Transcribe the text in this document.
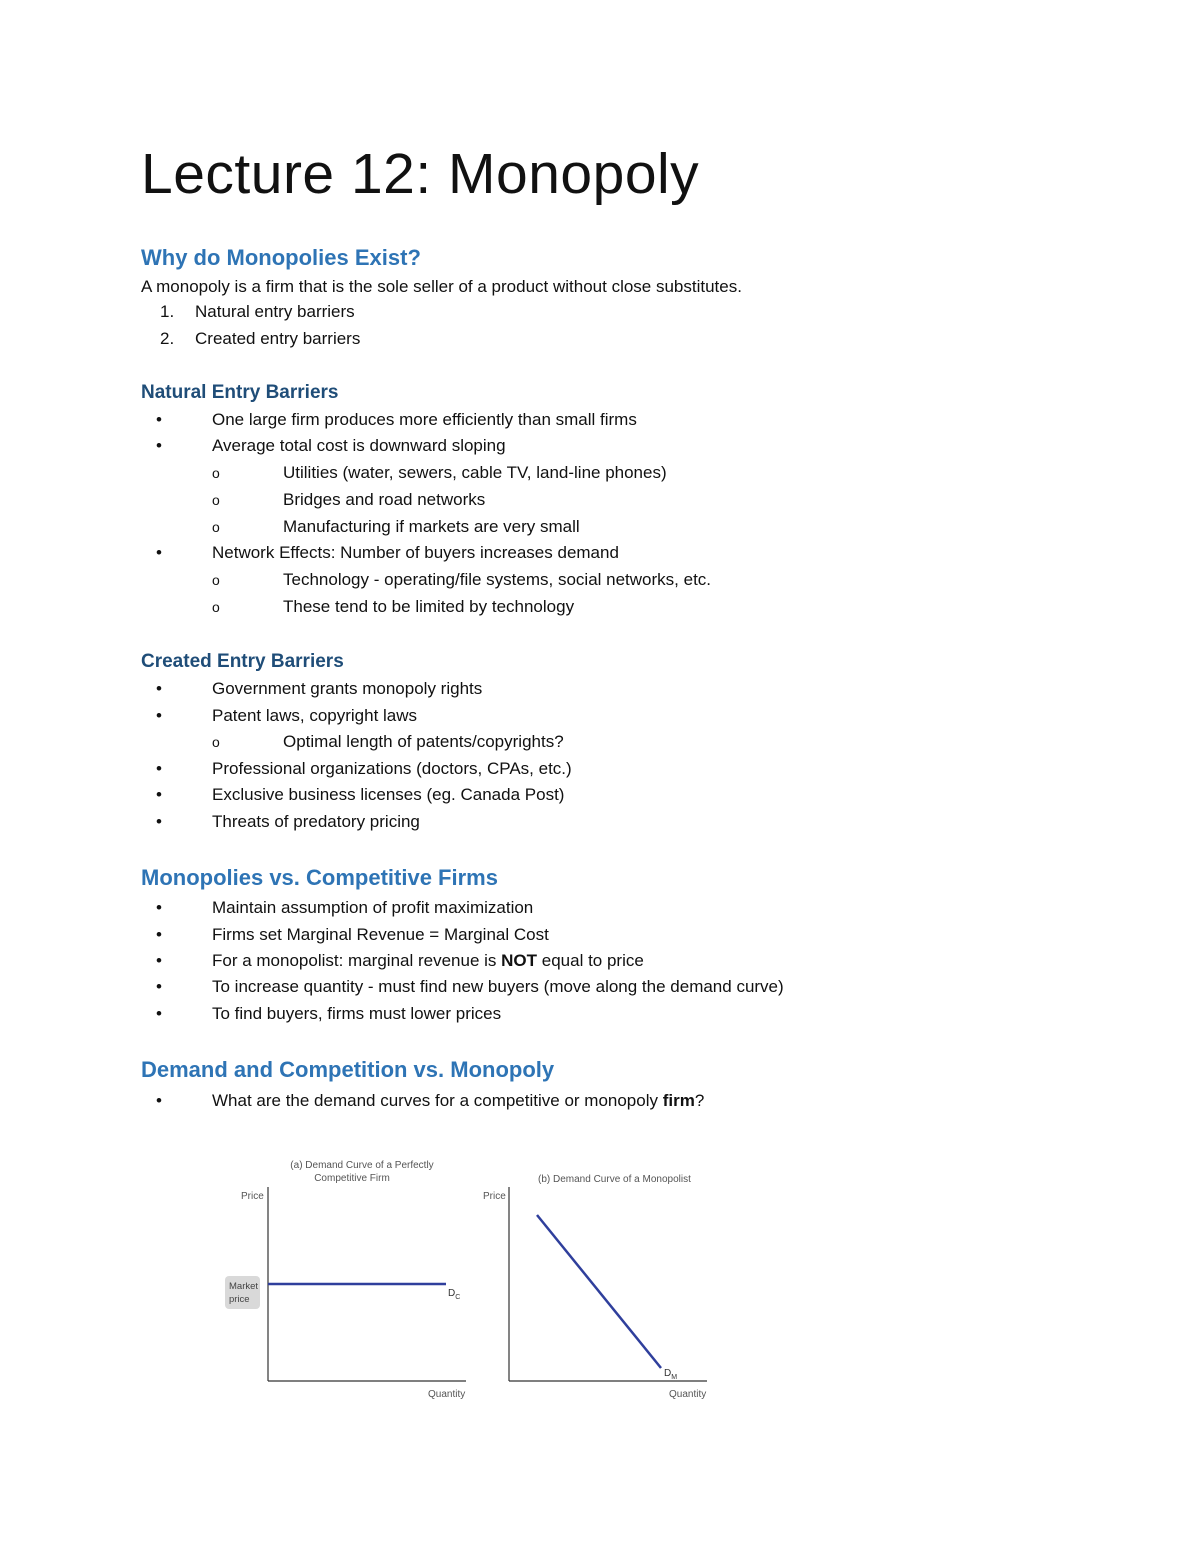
Lecture 12: Monopoly
Why do Monopolies Exist?

A monopoly is a firm that is the sole seller of a product without close substitutes.

1. Natural entry barriers
2. Created entry barriers
Natural Entry Barriers
•	One large firm produces more efficiently than small firms
•	Average total cost is downward sloping
o	Utilities (water, sewers, cable TV, land-line phones)
o	Bridges and road networks
o	Manufacturing if markets are very small
•	Network Effects: Number of buyers increases demand
o	Technology - operating/file systems, social networks, etc.
o	These tend to be limited by technology
Created Entry Barriers
•	Government grants monopoly rights
•	Patent laws, copyright laws
o	Optimal length of patents/copyrights?
•	Professional organizations (doctors, CPAs, etc.)
•	Exclusive business licenses (eg. Canada Post)
•	Threats of predatory pricing
Monopolies vs. Competitive Firms
•	Maintain assumption of profit maximization
•	Firms set Marginal Revenue = Marginal Cost
•	For a monopolist: marginal revenue is NOT equal to price
•	To increase quantity - must find new buyers (move along the demand curve)
•	To find buyers, firms must lower prices
Demand and Competition vs. Monopoly
•	What are the demand curves for a competitive or monopoly firm?
(a) Demand Curve of a Perfectly
Competitive Firm
Price
Quantity
Market
price
$D_C$
(b) Demand Curve of a Monopolist
Price
Quantity
$D_M$
